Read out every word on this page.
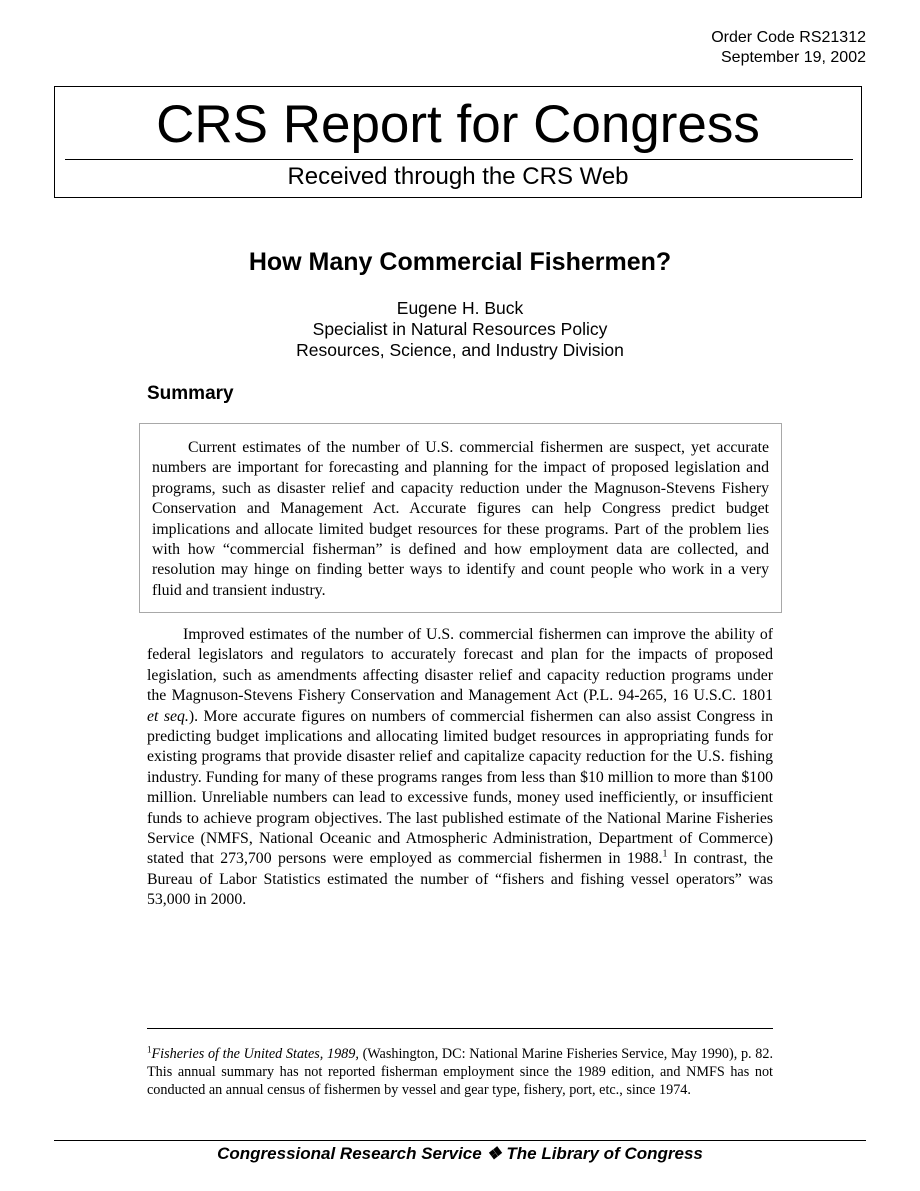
Order Code RS21312
September 19, 2002
CRS Report for Congress
Received through the CRS Web
How Many Commercial Fishermen?
Eugene H. Buck
Specialist in Natural Resources Policy
Resources, Science, and Industry Division
Summary

Current estimates of the number of U.S. commercial fishermen are suspect, yet accurate numbers are important for forecasting and planning for the impact of proposed legislation and programs, such as disaster relief and capacity reduction under the Magnuson-Stevens Fishery Conservation and Management Act. Accurate figures can help Congress predict budget implications and allocate limited budget resources for these programs. Part of the problem lies with how “commercial fisherman” is defined and how employment data are collected, and resolution may hinge on finding better ways to identify and count people who work in a very fluid and transient industry.

Improved estimates of the number of U.S. commercial fishermen can improve the ability of federal legislators and regulators to accurately forecast and plan for the impacts of proposed legislation, such as amendments affecting disaster relief and capacity reduction programs under the Magnuson-Stevens Fishery Conservation and Management Act (P.L. 94-265, 16 U.S.C. 1801 et seq.). More accurate figures on numbers of commercial fishermen can also assist Congress in predicting budget implications and allocating limited budget resources in appropriating funds for existing programs that provide disaster relief and capitalize capacity reduction for the U.S. fishing industry. Funding for many of these programs ranges from less than $10 million to more than $100 million. Unreliable numbers can lead to excessive funds, money used inefficiently, or insufficient funds to achieve program objectives. The last published estimate of the National Marine Fisheries Service (NMFS, National Oceanic and Atmospheric Administration, Department of Commerce) stated that 273,700 persons were employed as commercial fishermen in 1988.$^1$ In contrast, the Bureau of Labor Statistics estimated the number of “fishers and fishing vessel operators” was 53,000 in 2000.

$^1$Fisheries of the United States, 1989, (Washington, DC: National Marine Fisheries Service, May 1990), p. 82. This annual summary has not reported fisherman employment since the 1989 edition, and NMFS has not conducted an annual census of fishermen by vessel and gear type, fishery, port, etc., since 1974.

Congressional Research Service ❖ The Library of Congress
